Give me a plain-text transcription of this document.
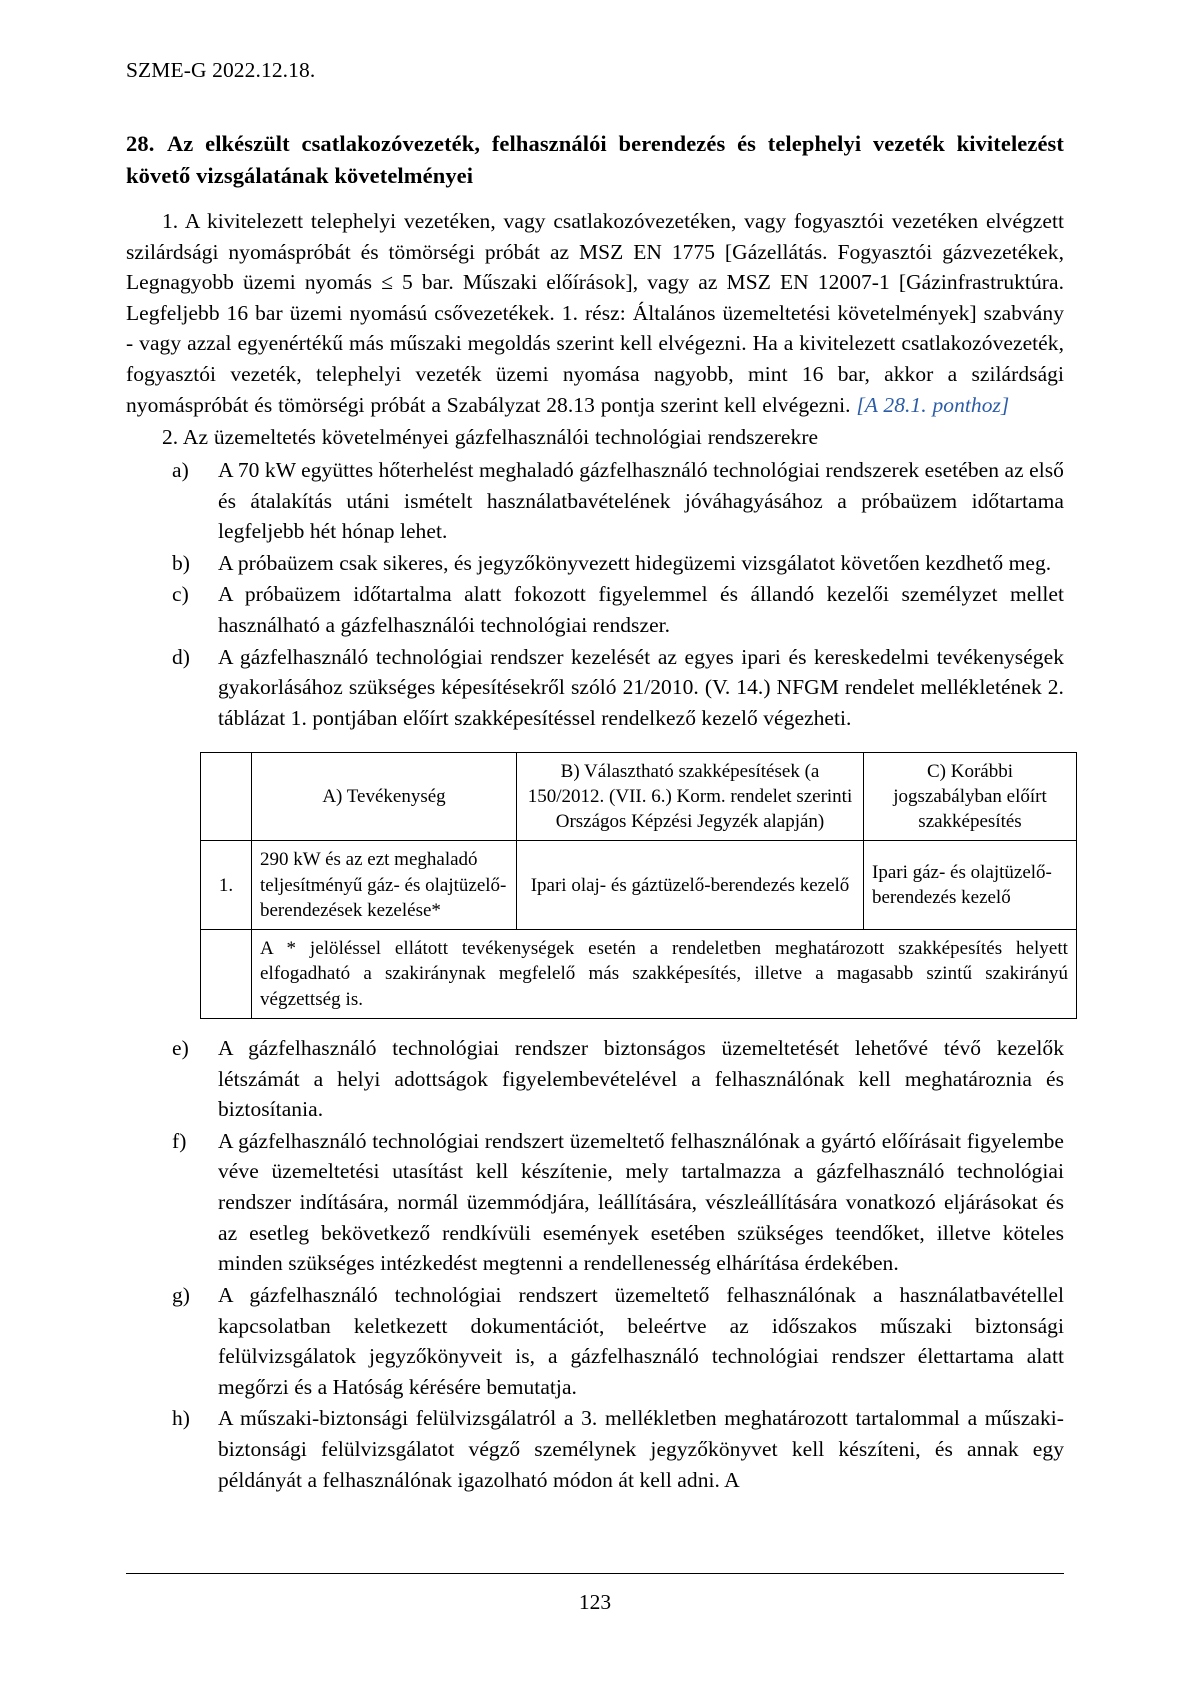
SZME-G 2022.12.18.
28. Az elkészült csatlakozóvezeték, felhasználói berendezés és telephelyi vezeték kivitelezést követő vizsgálatának követelményei

1. A kivitelezett telephelyi vezetéken, vagy csatlakozóvezetéken, vagy fogyasztói vezetéken elvégzett szilárdsági nyomáspróbát és tömörségi próbát az MSZ EN 1775 [Gázellátás. Fogyasztói gázvezetékek, Legnagyobb üzemi nyomás ≤ 5 bar. Műszaki előírások], vagy az MSZ EN 12007-1 [Gázinfrastruktúra. Legfeljebb 16 bar üzemi nyomású csővezetékek. 1. rész: Általános üzemeltetési követelmények] szabvány - vagy azzal egyenértékű más műszaki megoldás szerint kell elvégezni. Ha a kivitelezett csatlakozóvezeték, fogyasztói vezeték, telephelyi vezeték üzemi nyomása nagyobb, mint 16 bar, akkor a szilárdsági nyomáspróbát és tömörségi próbát a Szabályzat 28.13 pontja szerint kell elvégezni. [A 28.1. ponthoz]

2. Az üzemeltetés követelményei gázfelhasználói technológiai rendszerekre

a)	A 70 kW együttes hőterhelést meghaladó gázfelhasználó technológiai rendszerek esetében az első és átalakítás utáni ismételt használatbavételének jóváhagyásához a próbaüzem időtartama legfeljebb hét hónap lehet.
b)	A próbaüzem csak sikeres, és jegyzőkönyvezett hidegüzemi vizsgálatot követően kezdhető meg.
c)	A próbaüzem időtartalma alatt fokozott figyelemmel és állandó kezelői személyzet mellet használható a gázfelhasználói technológiai rendszer.
d)	A gázfelhasználó technológiai rendszer kezelését az egyes ipari és kereskedelmi tevékenységek gyakorlásához szükséges képesítésekről szóló 21/2010. (V. 14.) NFGM rendelet mellékletének 2. táblázat 1. pontjában előírt szakképesítéssel rendelkező kezelő végezheti.
	A) Tevékenység	B) Választható szakképesítések (a 150/2012. (VII. 6.) Korm. rendelet szerinti Országos Képzési Jegyzék alapján)	C) Korábbi jogszabályban előírt szakképesítés
1.	290 kW és az ezt meghaladó teljesítményű gáz- és olajtüzelő-berendezések kezelése*	Ipari olaj- és gáztüzelő-berendezés kezelő	Ipari gáz- és olajtüzelő-berendezés kezelő
	A * jelöléssel ellátott tevékenységek esetén a rendeletben meghatározott szakképesítés helyett elfogadható a szakiránynak megfelelő más szakképesítés, illetve a magasabb szintű szakirányú végzettség is.		
e)	A gázfelhasználó technológiai rendszer biztonságos üzemeltetését lehetővé tévő kezelők létszámát a helyi adottságok figyelembevételével a felhasználónak kell meghatároznia és biztosítania.
f)	A gázfelhasználó technológiai rendszert üzemeltető felhasználónak a gyártó előírásait figyelembe véve üzemeltetési utasítást kell készítenie, mely tartalmazza a gázfelhasználó technológiai rendszer indítására, normál üzemmódjára, leállítására, vészleállítására vonatkozó eljárásokat és az esetleg bekövetkező rendkívüli események esetében szükséges teendőket, illetve köteles minden szükséges intézkedést megtenni a rendellenesség elhárítása érdekében.
g)	A gázfelhasználó technológiai rendszert üzemeltető felhasználónak a használatbavétellel kapcsolatban keletkezett dokumentációt, beleértve az időszakos műszaki biztonsági felülvizsgálatok jegyzőkönyveit is, a gázfelhasználó technológiai rendszer élettartama alatt megőrzi és a Hatóság kérésére bemutatja.
h)	A műszaki-biztonsági felülvizsgálatról a 3. mellékletben meghatározott tartalommal a műszaki-biztonsági felülvizsgálatot végző személynek jegyzőkönyvet kell készíteni, és annak egy példányát a felhasználónak igazolható módon át kell adni. A
123
